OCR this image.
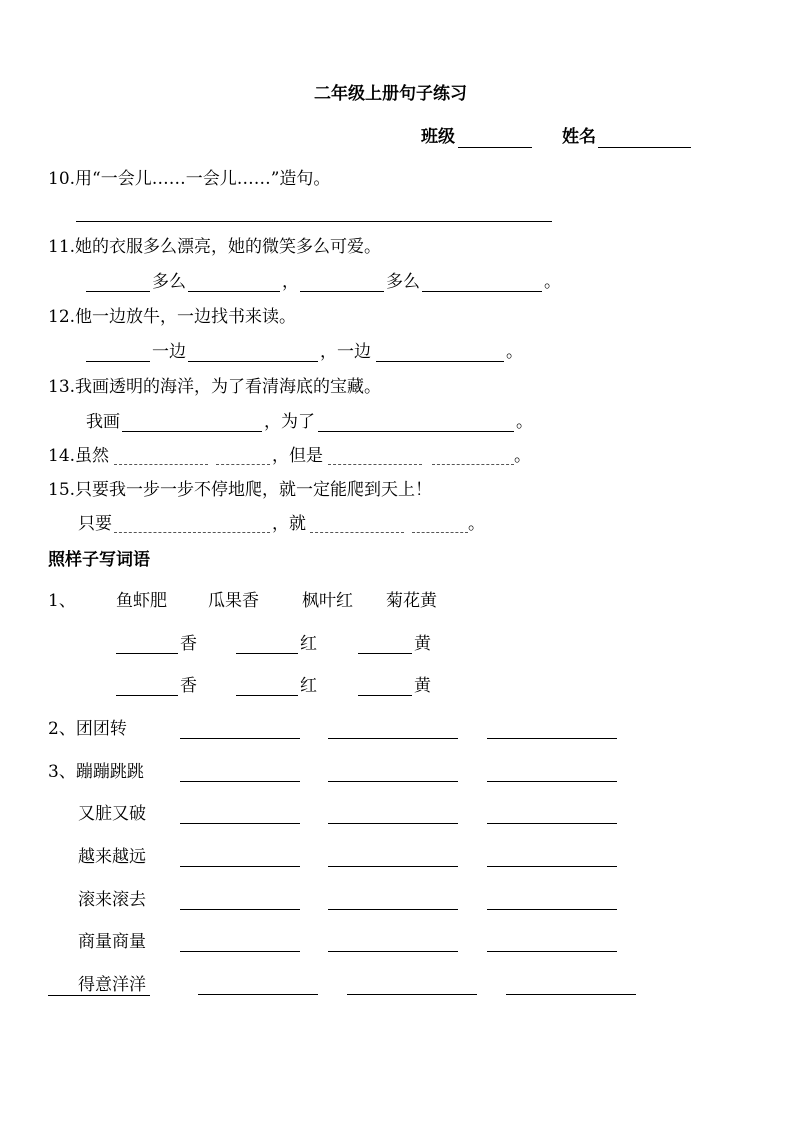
二年级上册句子练习
班级	姓名
10.用“一会儿……一会儿……”造句。
11.她的衣服多么漂亮，她的微笑多么可爱。
多么	，	多么	。
12.他一边放牛，一边找书来读。
一边	，一边	。
13.我画透明的海洋，为了看清海底的宝藏。
我画	，为了	。
14.虽然	，但是	。
15.只要我一步一步不停地爬，就一定能爬到天上！
只要	，就	。
照样子写词语
1、 鱼虾肥 瓜果香	枫叶红 菊花黄
香	红	黄
香	红	黄
2、团团转
3、蹦蹦跳跳
又脏又破
越来越远
滚来滚去
商量商量
得意洋洋
